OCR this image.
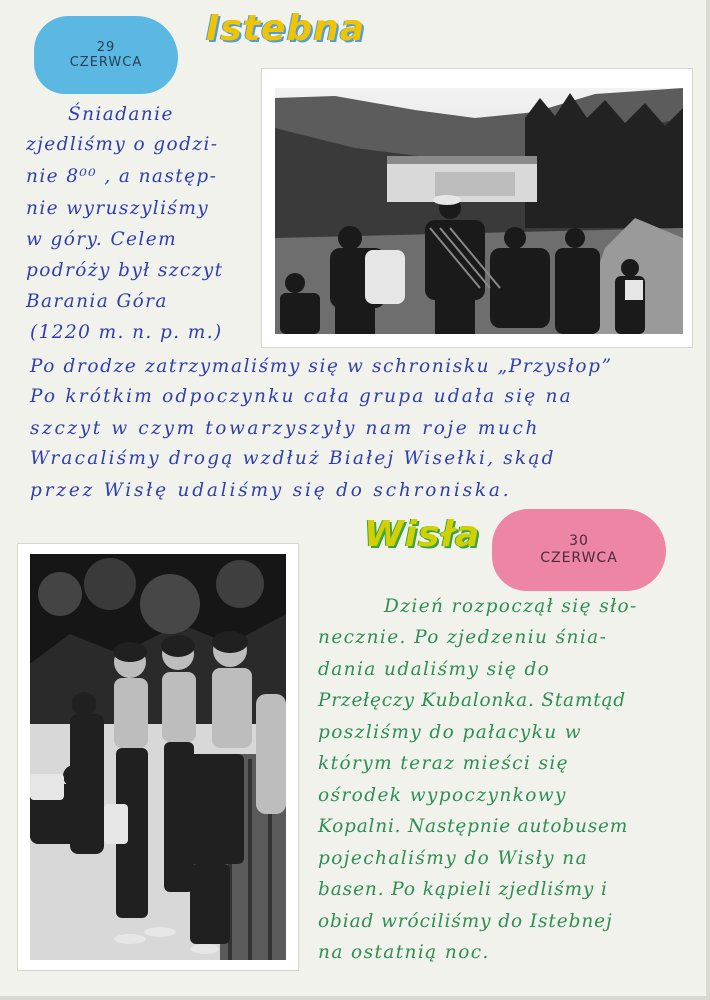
29
CZERWCA
Istebna
Śniadanie
zjedliśmy o godzi-
nie 8⁰⁰ , a następ-
nie wyruszyliśmy
w góry. Celem
podróży był szczyt
Barania Góra
(1220 m. n. p. m.)
Po drodze zatrzymaliśmy się w schronisku „Przysłop”
Po krótkim odpoczynku cała grupa udała się na
szczyt w czym towarzyszyły nam roje much
Wracaliśmy drogą wzdłuż Białej Wisełki, skąd
przez Wisłę udaliśmy się do schroniska.
Wisła	30
CZERWCA
Dzień rozpoczął się sło-
necznie. Po zjedzeniu śnia-
dania udaliśmy się do
Przełęczy Kubalonka. Stamtąd
poszliśmy do pałacyku w
którym teraz mieści się
ośrodek wypoczynkowy
Kopalni. Następnie autobusem
pojechaliśmy do Wisły na
basen. Po kąpieli zjedliśmy i
obiad wróciliśmy do Istebnej
na ostatnią noc.
